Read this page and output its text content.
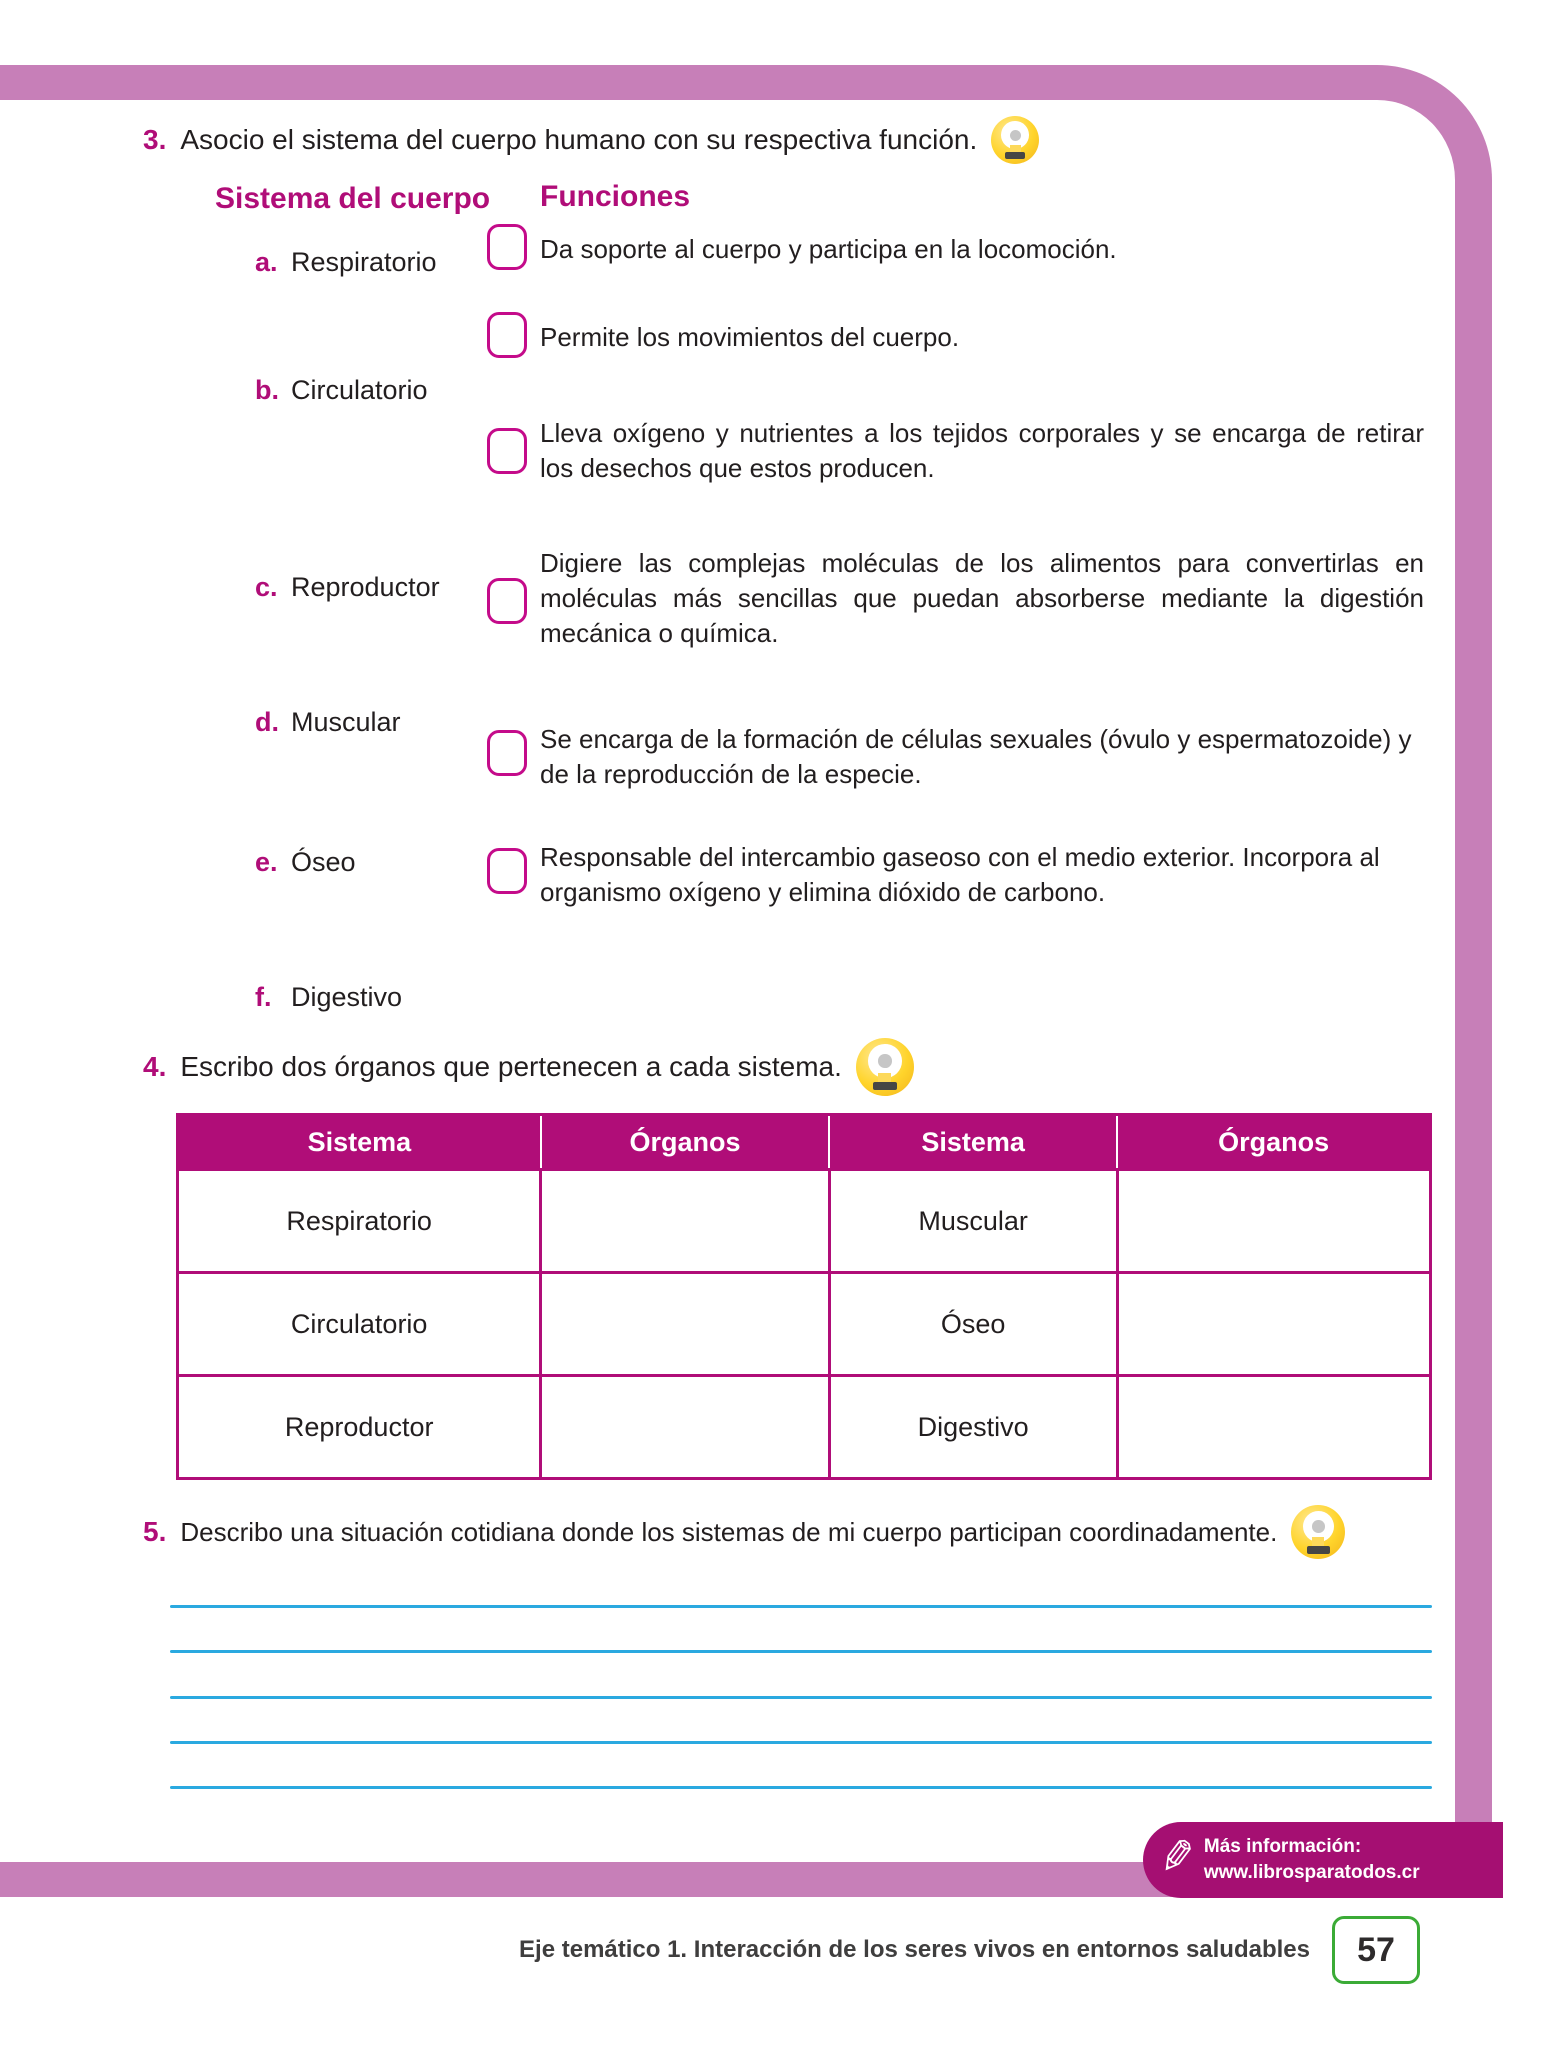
3. Asocio el sistema del cuerpo humano con su respectiva función.
Sistema del cuerpo Funciones
a. Respiratorio
b. Circulatorio
c. Reproductor
d. Muscular
e. Óseo
f. Digestivo
Da soporte al cuerpo y participa en la locomoción.
Permite los movimientos del cuerpo.
Lleva oxígeno y nutrientes a los tejidos corporales y se encarga de retirar los desechos que estos producen.
Digiere las complejas moléculas de los alimentos para convertirlas en moléculas más sencillas que puedan absorberse mediante la digestión mecánica o química.
Se encarga de la formación de células sexuales (óvulo y espermatozoide) y de la reproducción de la especie.
Responsable del intercambio gaseoso con el medio exterior. Incorpora al organismo oxígeno y elimina dióxido de carbono.
4. Escribo dos órganos que pertenecen a cada sistema.
Sistema	Órganos	Sistema	Órganos
Respiratorio		Muscular	
Circulatorio		Óseo	
Reproductor		Digestivo	
5. Describo una situación cotidiana donde los sistemas de mi cuerpo participan coordinadamente.
✎ Más información:
www.librosparatodos.cr
Eje temático 1. Interacción de los seres vivos en entornos saludables 57
